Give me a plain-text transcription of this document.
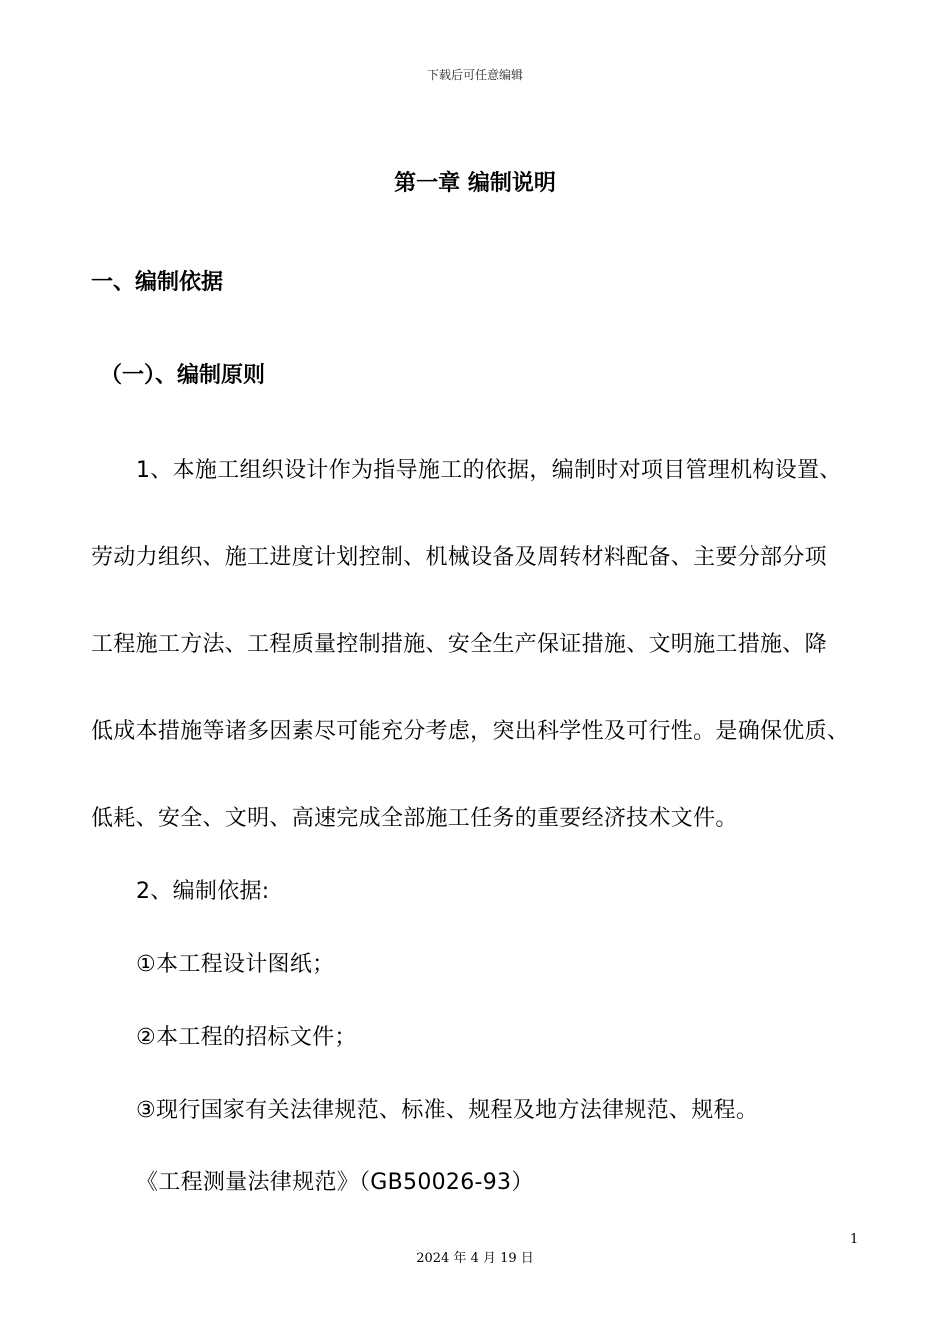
下载后可任意编辑
第一章 编制说明
一、编制依据
（一）、编制原则
1、本施工组织设计作为指导施工的依据，编制时对项目管理机构设置、
劳动力组织、施工进度计划控制、机械设备及周转材料配备、主要分部分项
工程施工方法、工程质量控制措施、安全生产保证措施、文明施工措施、降
低成本措施等诸多因素尽可能充分考虑，突出科学性及可行性。是确保优质、
低耗、安全、文明、高速完成全部施工任务的重要经济技术文件。
2、编制依据:
①本工程设计图纸；
②本工程的招标文件；
③现行国家有关法律规范、标准、规程及地方法律规范、规程。
《工程测量法律规范》（GB50026-93）
1
2024 年 4 月 19 日
